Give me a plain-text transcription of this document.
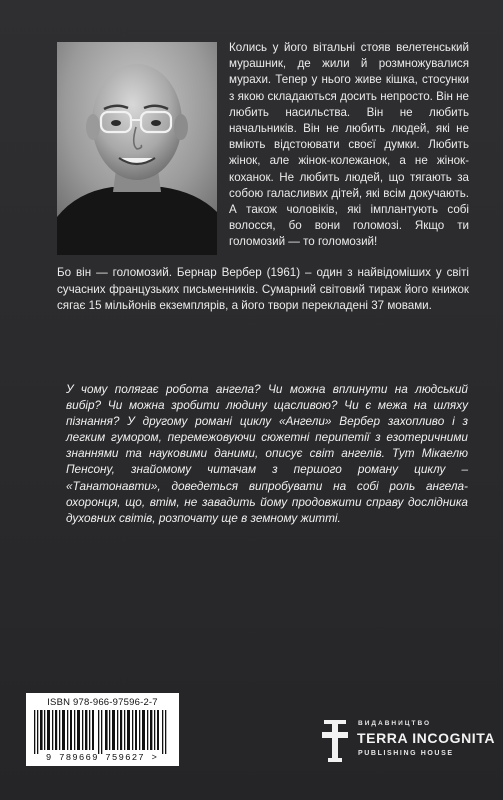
Колись у його вітальні стояв велетенський мурашник, де жили й розмножувалися мурахи. Тепер у нього живе кішка, стосунки з якою складаються досить непросто. Він не любить насильства. Він не любить начальників. Він не любить людей, які не вміють відстоювати своєї думки. Любить жінок, але жінок-колежанок, а не жінок-коханок. Не любить людей, що тягають за собою галасливих дітей, які всім докучають. А також чоловіків, які імплантують собі волосся, бо вони голомозі. Якщо ти голомозий — то голомозий!

Бо він — голомозий. Бернар Вербер (1961) – один з найвідоміших у світі сучасних французьких письменників. Сумарний світовий тираж його книжок сягає 15 мільйонів екземплярів, а його твори перекладені 37 мовами.

У чому полягає робота ангела? Чи можна вплинути на людський вибір? Чи можна зробити людину щасливою? Чи є межа на шляху пізнання? У другому романі циклу «Ангели» Вербер захопливо і з легким гумором, перемежовуючи сюжетні перипетії з езотеричними знаннями та науковими даними, описує світ ангелів. Тут Мікаелю Пенсону, знайомому читачам з першого роману циклу – «Танатонавти», доведеться випробувати на собі роль ангела-охоронця, що, втім, не завадить йому продовжити справу дослідника духовних світів, розпочату ще в земному житті.

ISBN 978-966-97596-2-7
9 789669 759627 >
ВИДАВНИЦТВО
TERRA INCOGNITA
PUBLISHING HOUSE
